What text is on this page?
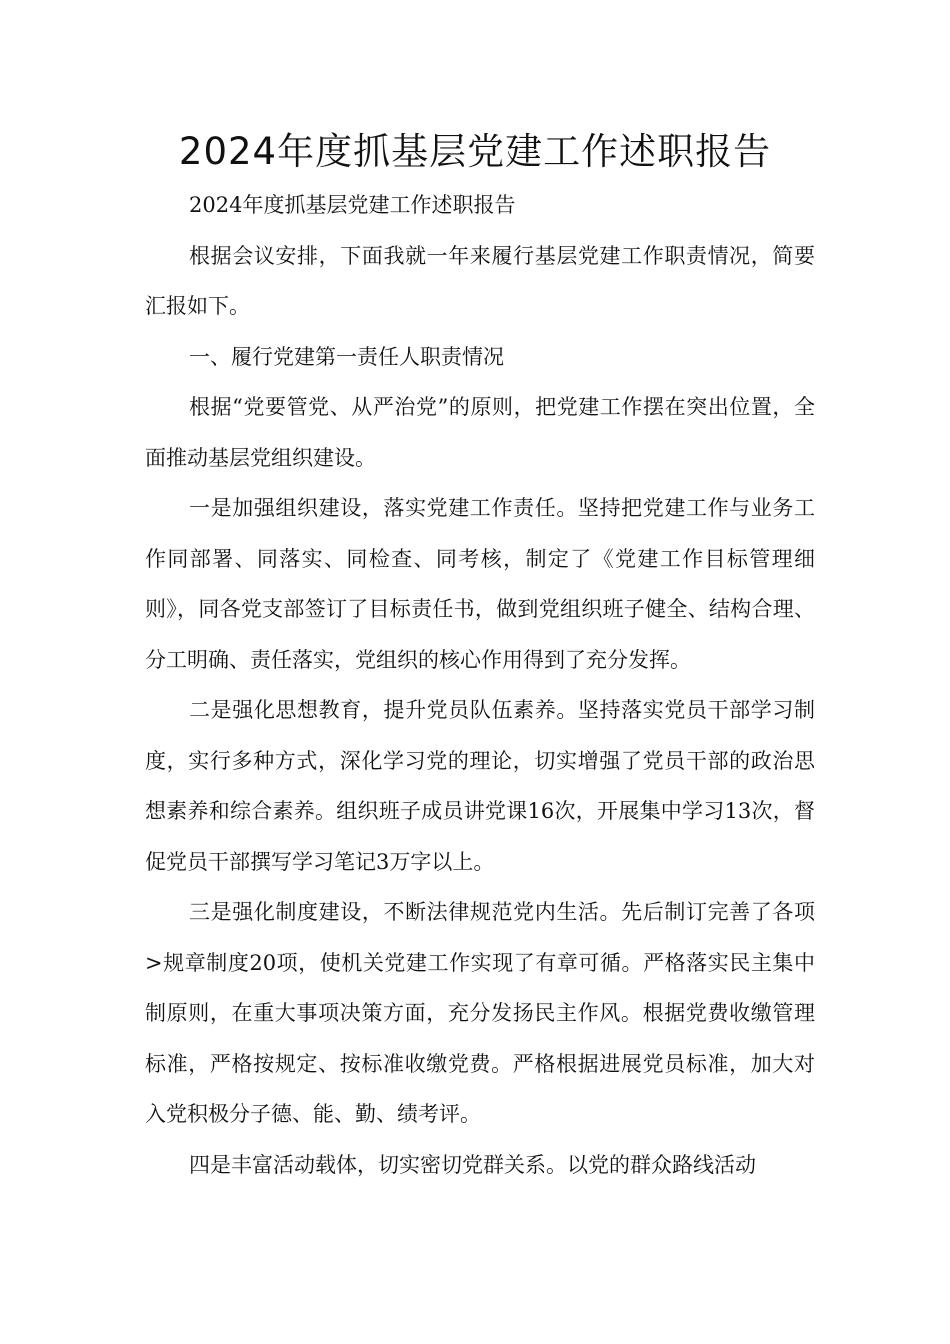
2024年度抓基层党建工作述职报告

2024年度抓基层党建工作述职报告

根据会议安排，下面我就一年来履行基层党建工作职责情况，简要汇报如下。

一、履行党建第一责任人职责情况

根据“党要管党、从严治党”的原则，把党建工作摆在突出位置，全面推动基层党组织建设。

一是加强组织建设，落实党建工作责任。坚持把党建工作与业务工作同部署、同落实、同检查、同考核，制定了《党建工作目标管理细则》，同各党支部签订了目标责任书，做到党组织班子健全、结构合理、分工明确、责任落实，党组织的核心作用得到了充分发挥。

二是强化思想教育，提升党员队伍素养。坚持落实党员干部学习制度，实行多种方式，深化学习党的理论，切实增强了党员干部的政治思想素养和综合素养。组织班子成员讲党课16次，开展集中学习13次，督促党员干部撰写学习笔记3万字以上。

三是强化制度建设，不断法律规范党内生活。先后制订完善了各项>规章制度20项，使机关党建工作实现了有章可循。严格落实民主集中制原则，在重大事项决策方面，充分发扬民主作风。根据党费收缴管理标准，严格按规定、按标准收缴党费。严格根据进展党员标准，加大对入党积极分子德、能、勤、绩考评。

四是丰富活动载体，切实密切党群关系。以党的群众路线活动
